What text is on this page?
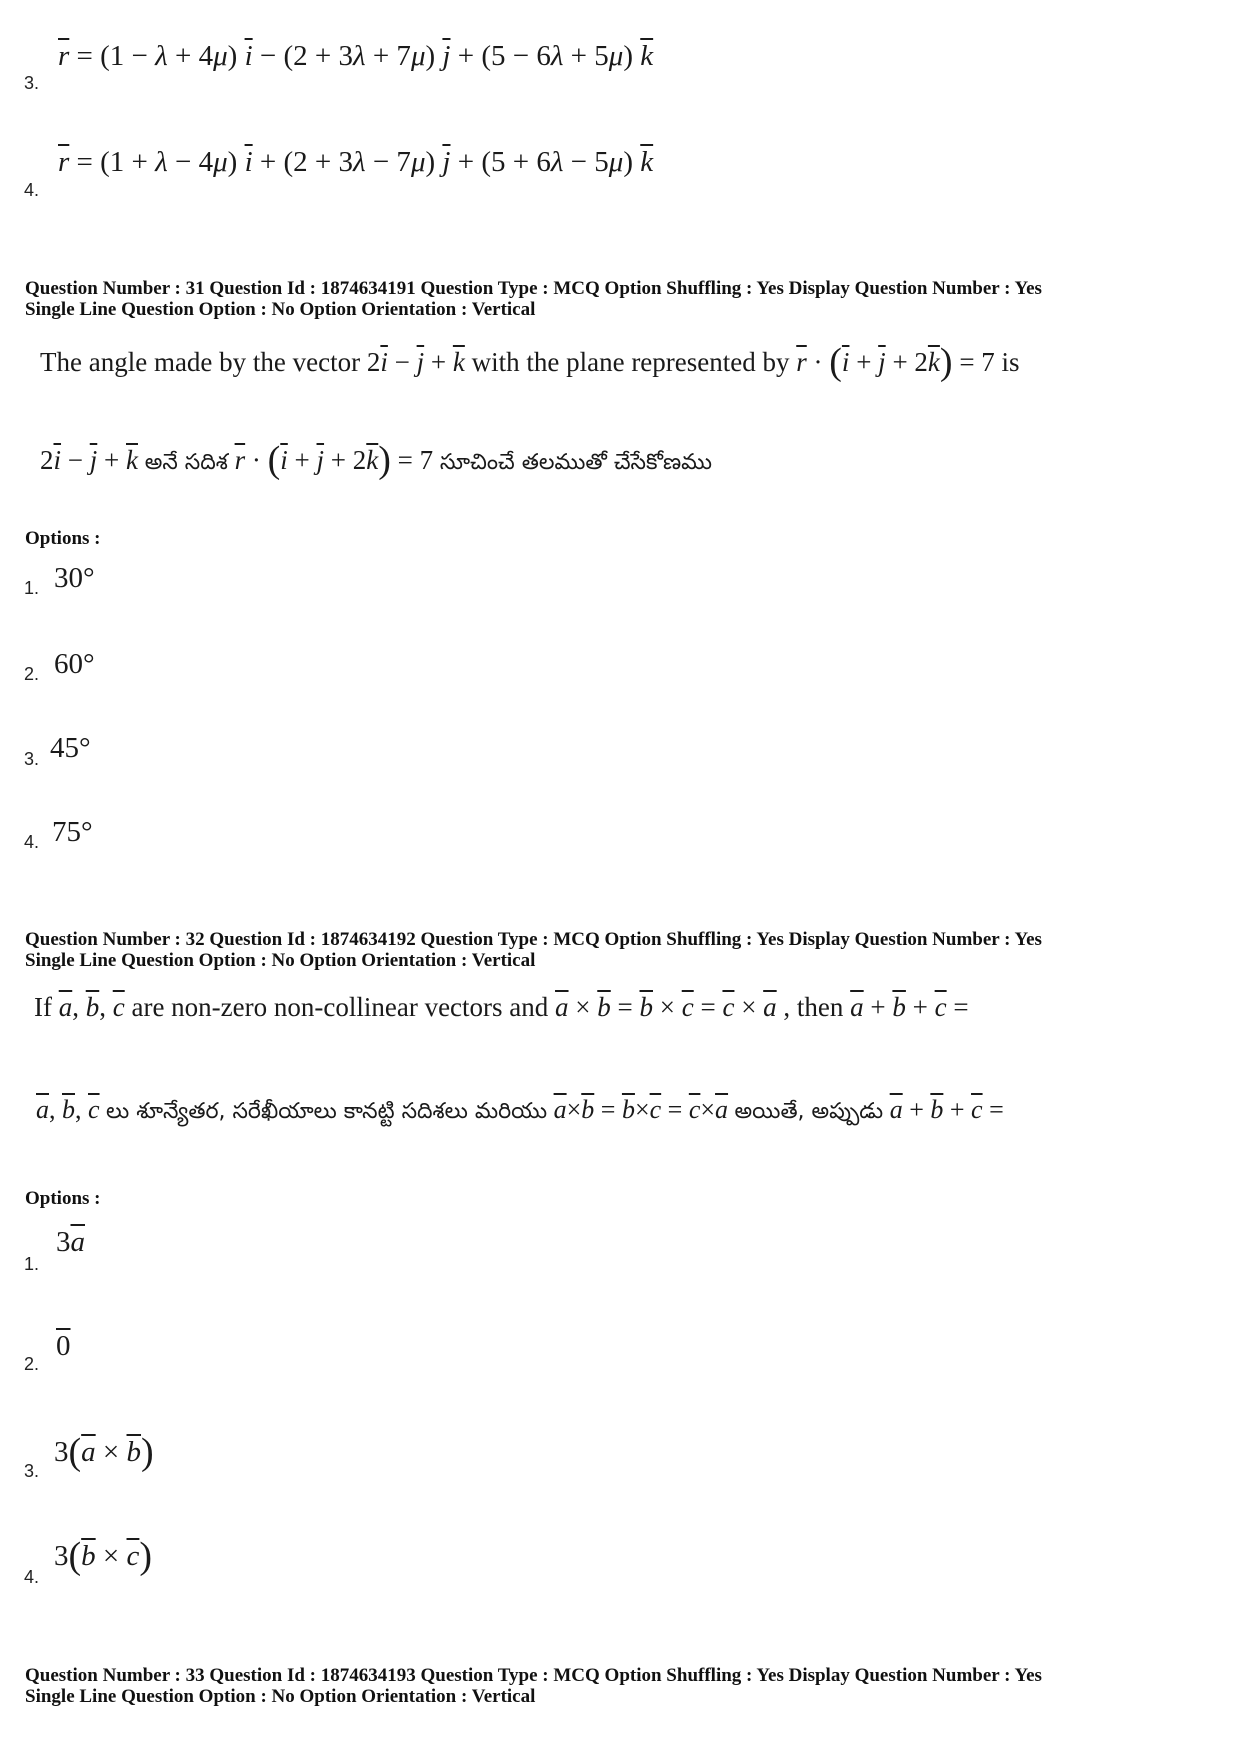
3.
$\overline{r} = (1 - \lambda + 4\mu) \overline{i} - (2 + 3\lambda + 7\mu) \overline{j} + (5 - 6\lambda + 5\mu)$ $\overline{k}$
4.
$\overline{r} = (1 + \lambda - 4\mu) \overline{i} + (2 + 3\lambda - 7\mu) \overline{j} + (5 + 6\lambda - 5\mu)$ $\overline{k}$
Question Number : 31 Question Id : 1874634191 Question Type : MCQ Option Shuffling : Yes Display Question Number : Yes
Single Line Question Option : No Option Orientation : Vertical
The angle made by the vector $2\overline{i} - \overline{j} + \overline{k}$ with the plane represented by $\overline{r} \cdot (\overline{i} + \overline{j} + 2\overline{k}) = 7$ is
$2\overline{i} - \overline{j} + \overline{k}$ అనే సదిశ $\overline{r} \cdot (\overline{i} + \overline{j} + 2\overline{k}) = 7$ సూచించే తలముతో చేసేకోణము
Options :
1. 30°
2. 60°
3. 45°
4. 75°
Question Number : 32 Question Id : 1874634192 Question Type : MCQ Option Shuffling : Yes Display Question Number : Yes
Single Line Question Option : No Option Orientation : Vertical
If $\overline{a}$, $\overline{b}$, $\overline{c}$ are non-zero non-collinear vectors and $\overline{a} \times \overline{b} = \overline{b} \times \overline{c} = \overline{c} \times \overline{a}$ , then $\overline{a} + \overline{b} + \overline{c}$ =
$\overline{a}$, $\overline{b}$, $\overline{c}$ లు శూన్యేతర, సరేఖీయాలు కానట్టి సదిశలు మరియు $\overline{a}\times\overline{b} = \overline{b}\times\overline{c} = \overline{c}\times\overline{a}$ అయితే, అప్పుడు $\overline{a} + \overline{b} + \overline{c}$ =
Options :
1.
$3\overline{a}$
2.
0
3.
$3(\overline{a} \times \overline{b})$
4.
$3(\overline{b} \times \overline{c})$
Question Number : 33 Question Id : 1874634193 Question Type : MCQ Option Shuffling : Yes Display Question Number : Yes
Single Line Question Option : No Option Orientation : Vertical
